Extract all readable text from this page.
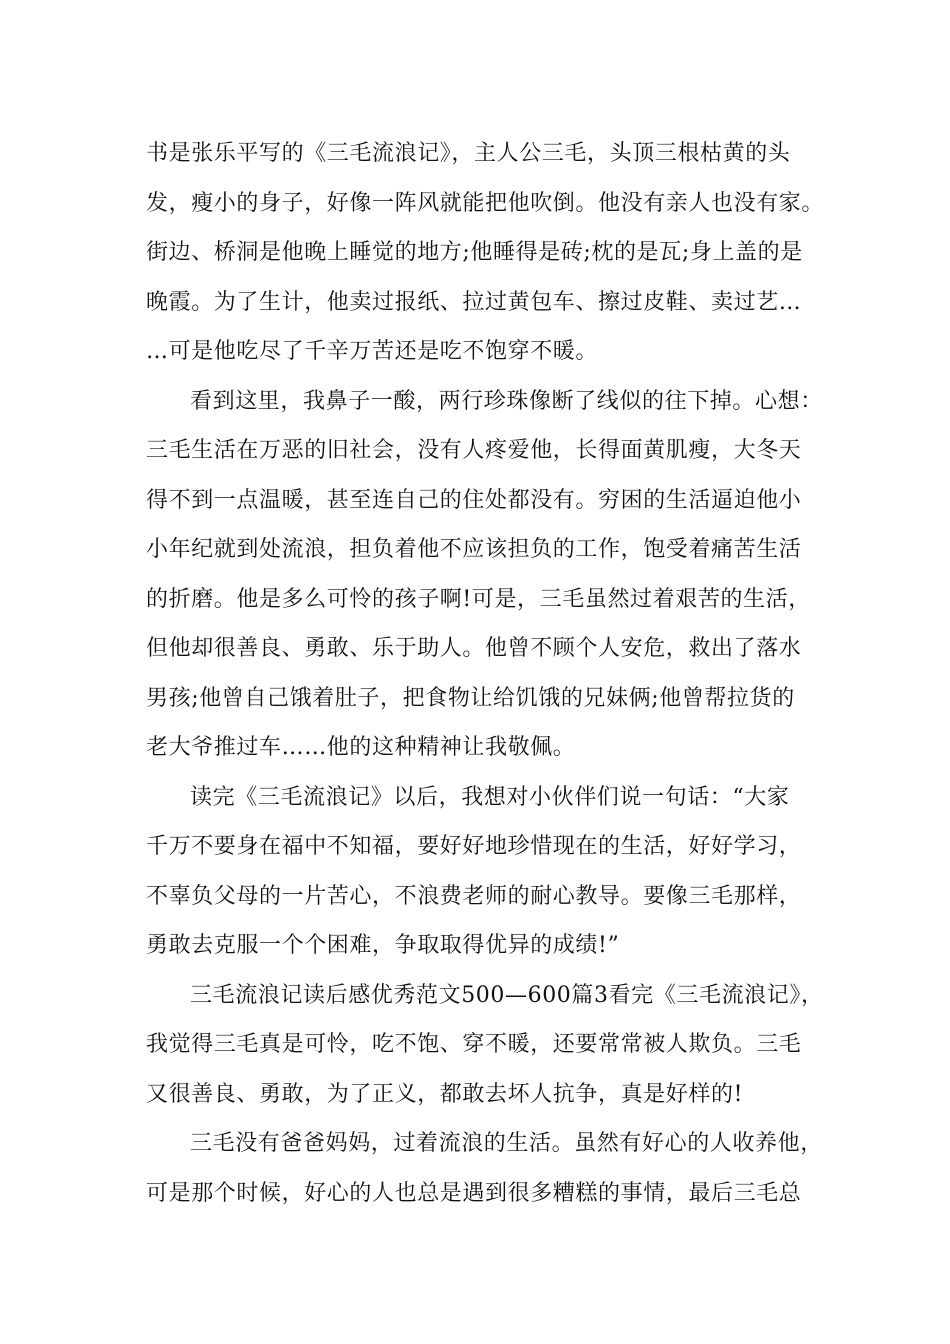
书是张乐平写的《三毛流浪记》，主人公三毛，头顶三根枯黄的头
发，瘦小的身子，好像一阵风就能把他吹倒。他没有亲人也没有家。
街边、桥洞是他晚上睡觉的地方;他睡得是砖;枕的是瓦;身上盖的是
晚霞。为了生计，他卖过报纸、拉过黄包车、擦过皮鞋、卖过艺…
…可是他吃尽了千辛万苦还是吃不饱穿不暖。
看到这里，我鼻子一酸，两行珍珠像断了线似的往下掉。心想：
三毛生活在万恶的旧社会，没有人疼爱他，长得面黄肌瘦，大冬天
得不到一点温暖，甚至连自己的住处都没有。穷困的生活逼迫他小
小年纪就到处流浪，担负着他不应该担负的工作，饱受着痛苦生活
的折磨。他是多么可怜的孩子啊!可是，三毛虽然过着艰苦的生活，
但他却很善良、勇敢、乐于助人。他曾不顾个人安危，救出了落水
男孩;他曾自己饿着肚子，把食物让给饥饿的兄妹俩;他曾帮拉货的
老大爷推过车……他的这种精神让我敬佩。
读完《三毛流浪记》以后，我想对小伙伴们说一句话：“大家
千万不要身在福中不知福，要好好地珍惜现在的生活，好好学习，
不辜负父母的一片苦心，不浪费老师的耐心教导。要像三毛那样，
勇敢去克服一个个困难，争取取得优异的成绩!”
三毛流浪记读后感优秀范文500—600篇3看完《三毛流浪记》，
我觉得三毛真是可怜，吃不饱、穿不暖，还要常常被人欺负。三毛
又很善良、勇敢，为了正义，都敢去坏人抗争，真是好样的!
三毛没有爸爸妈妈，过着流浪的生活。虽然有好心的人收养他，
可是那个时候，好心的人也总是遇到很多糟糕的事情，最后三毛总
